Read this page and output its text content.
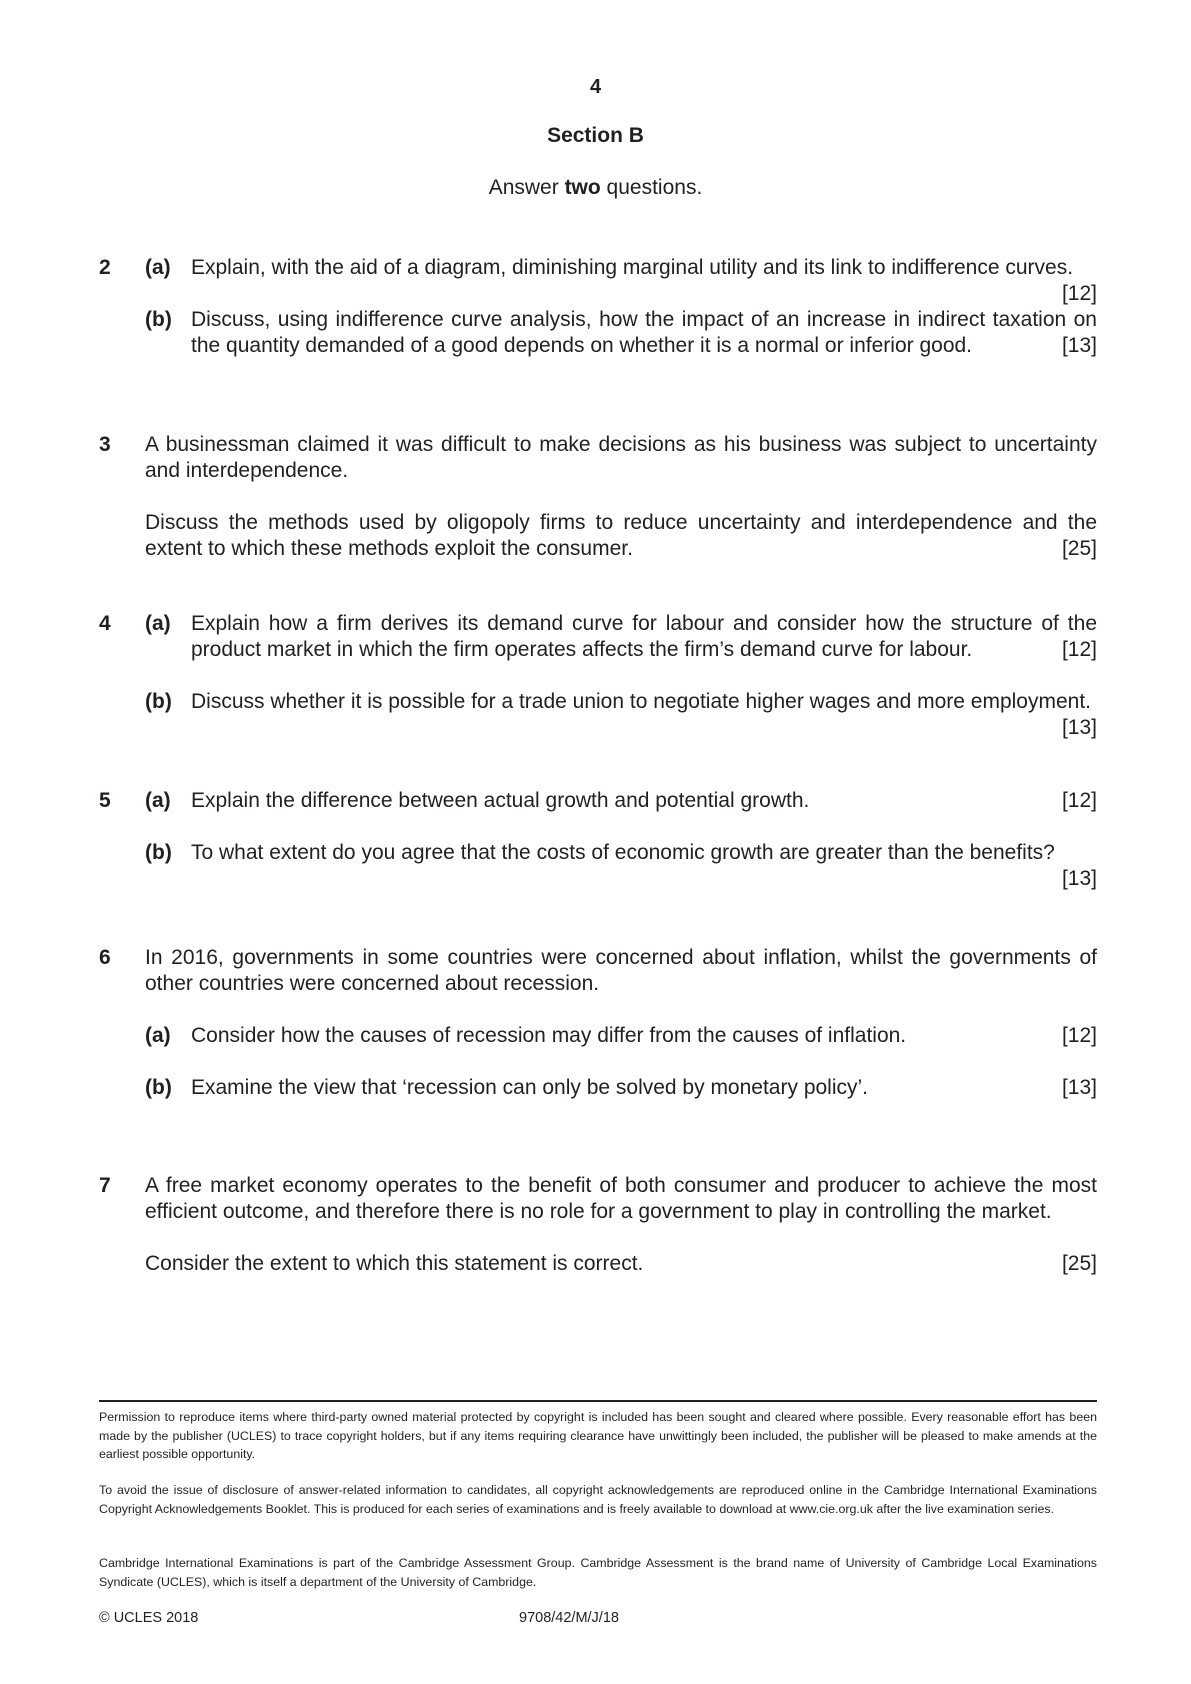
4
Section B
Answer two questions.
2 (a) Explain, with the aid of a diagram, diminishing marginal utility and its link to indifference curves.
[12]
(b) Discuss, using indifference curve analysis, how the impact of an increase in indirect taxation on the quantity demanded of a good depends on whether it is a normal or inferior good.	[13]
3 A businessman claimed it was difficult to make decisions as his business was subject to uncertainty and interdependence.
Discuss the methods used by oligopoly firms to reduce uncertainty and interdependence and the extent to which these methods exploit the consumer.	[25]
4 (a) Explain how a firm derives its demand curve for labour and consider how the structure of the product market in which the firm operates affects the firm’s demand curve for labour.	[12]
(b) Discuss whether it is possible for a trade union to negotiate higher wages and more employment.
[13]
5 (a) Explain the difference between actual growth and potential growth.	[12]
(b) To what extent do you agree that the costs of economic growth are greater than the benefits?

[13]
6 In 2016, governments in some countries were concerned about inflation, whilst the governments of other countries were concerned about recession.
(a) Consider how the causes of recession may differ from the causes of inflation.	[12]
(b) Examine the view that ‘recession can only be solved by monetary policy’.	[13]
7 A free market economy operates to the benefit of both consumer and producer to achieve the most efficient outcome, and therefore there is no role for a government to play in controlling the market.
Consider the extent to which this statement is correct.	[25]
Permission to reproduce items where third-party owned material protected by copyright is included has been sought and cleared where possible. Every reasonable effort has been made by the publisher (UCLES) to trace copyright holders, but if any items requiring clearance have unwittingly been included, the publisher will be pleased to make amends at the earliest possible opportunity.
To avoid the issue of disclosure of answer-related information to candidates, all copyright acknowledgements are reproduced online in the Cambridge International Examinations Copyright Acknowledgements Booklet. This is produced for each series of examinations and is freely available to download at www.cie.org.uk after the live examination series.
Cambridge International Examinations is part of the Cambridge Assessment Group. Cambridge Assessment is the brand name of University of Cambridge Local Examinations Syndicate (UCLES), which is itself a department of the University of Cambridge.
© UCLES 2018	9708/42/M/J/18
